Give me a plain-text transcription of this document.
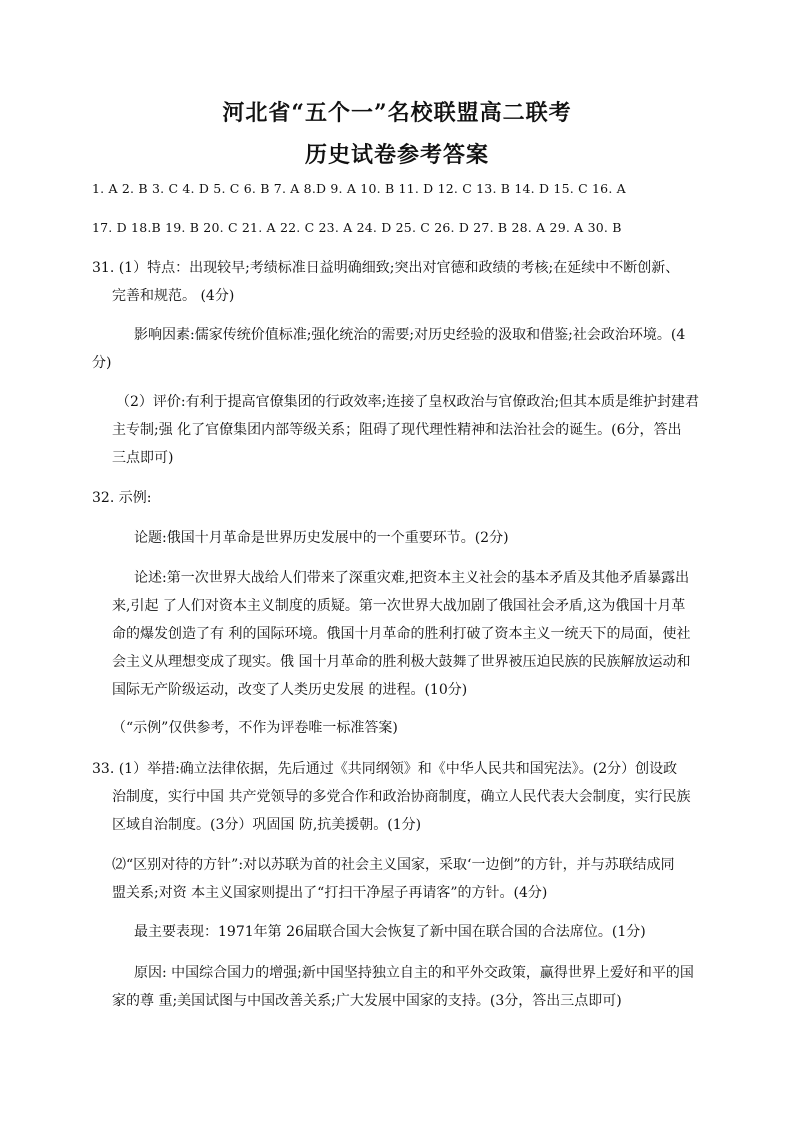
河北省“五个一”名校联盟高二联考
历史试卷参考答案
1. A 2. B 3. C 4. D 5. C 6. B 7. A 8.D 9. A 10. B 11. D 12. C 13. B 14. D 15. C 16. A
17. D 18.B 19. B 20. C 21. A 22. C 23. A 24. D 25. C 26. D 27. B 28. A 29. A 30. B
31. (1）特点：出现较早;考绩标准日益明确细致;突出对官德和政绩的考核;在延续中不断创新、
完善和规范。 (4分)
影响因素:儒家传统价值标准;强化统治的需要;对历史经验的汲取和借鉴;社会政治环境。(4
分)
（2）评价:有利于提高官僚集团的行政效率;连接了皇权政治与官僚政治;但其本质是维护封建君
主专制;强 化了官僚集团内部等级关系；阻碍了现代理性精神和法治社会的诞生。(6分，答出
三点即可)
32. 示例:
论题:俄国十月革命是世界历史发展中的一个重要环节。(2分)
论述:第一次世界大战给人们带来了深重灾难,把资本主义社会的基本矛盾及其他矛盾暴露出
来,引起 了人们对资本主义制度的质疑。第一次世界大战加剧了俄国社会矛盾,这为俄国十月革
命的爆发创造了有 利的国际环境。俄国十月革命的胜利打破了资本主义一统天下的局面，使社
会主义从理想变成了现实。俄 国十月革命的胜利极大鼓舞了世界被压迫民族的民族解放运动和
国际无产阶级运动，改变了人类历史发展 的进程。(10分)
（“示例”仅供参考，不作为评卷唯一标准答案)
33. (1）举措:确立法律依据，先后通过《共同纲领》和《中华人民共和国宪法》。(2分）创设政
治制度，实行中国 共产党领导的多党合作和政治协商制度，确立人民代表大会制度，实行民族
区域自治制度。(3分）巩固国 防,抗美援朝。(1分)
⑵“区别对待的方针”:对以苏联为首的社会主义国家，采取‘一边倒”的方针，并与苏联结成同
盟关系;对资 本主义国家则提出了“打扫干净屋子再请客”的方针。(4分)
最主要表现：1971年第 26届联合国大会恢复了新中国在联合国的合法席位。(1分)
原因: 中国综合国力的增强;新中国坚持独立自主的和平外交政策，赢得世界上爱好和平的国
家的尊 重;美国试图与中国改善关系;广大发展中国家的支持。(3分，答出三点即可)
